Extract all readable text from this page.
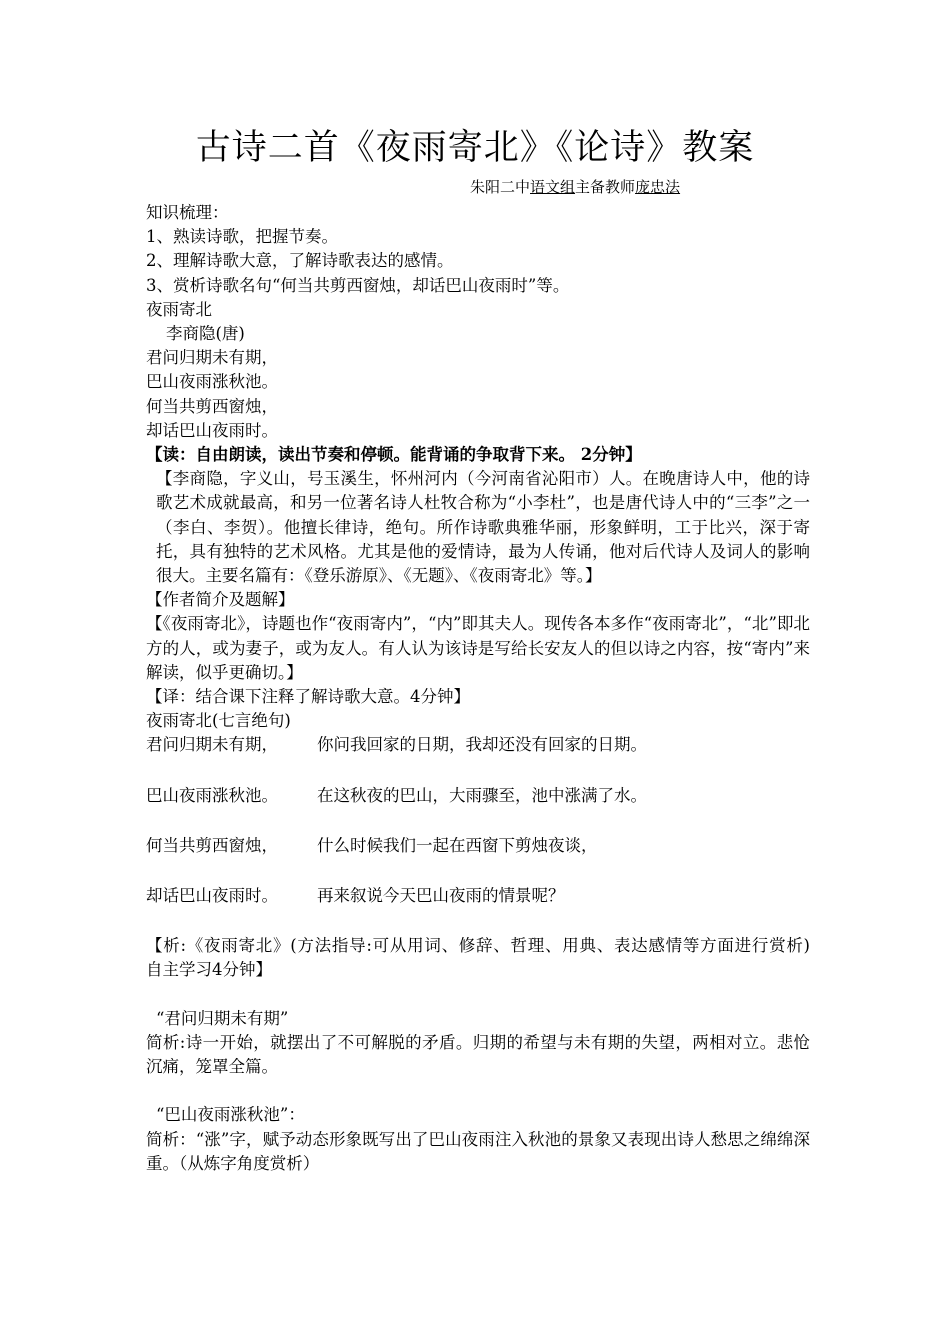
古诗二首《夜雨寄北》《论诗》教案
朱阳二中语文组主备教师庞忠法
知识梳理：
1、熟读诗歌，把握节奏。
2、理解诗歌大意，了解诗歌表达的感情。
3、赏析诗歌名句“何当共剪西窗烛，却话巴山夜雨时”等。
夜雨寄北
李商隐(唐)
君问归期未有期，
巴山夜雨涨秋池。
何当共剪西窗烛，
却话巴山夜雨时。
【读：自由朗读，读出节奏和停顿。能背诵的争取背下来。 2分钟】
【李商隐，字义山，号玉溪生，怀州河内（今河南省沁阳市）人。在晚唐诗人中，他的诗歌艺术成就最高，和另一位著名诗人杜牧合称为“小李杜”，也是唐代诗人中的“三李”之一（李白、李贺）。他擅长律诗，绝句。所作诗歌典雅华丽，形象鲜明，工于比兴，深于寄托，具有独特的艺术风格。尤其是他的爱情诗，最为人传诵，他对后代诗人及词人的影响很大。主要名篇有：《登乐游原》、《无题》、《夜雨寄北》等。】
【作者简介及题解】
【《夜雨寄北》，诗题也作“夜雨寄内”，“内”即其夫人。现传各本多作“夜雨寄北”，“北”即北方的人，或为妻子，或为友人。有人认为该诗是写给长安友人的但以诗之内容，按“寄内”来解读，似乎更确切。】
【译：结合课下注释了解诗歌大意。4分钟】
夜雨寄北(七言绝句)
君问归期未有期，	你问我回家的日期，我却还没有回家的日期。
巴山夜雨涨秋池。	在这秋夜的巴山，大雨骤至，池中涨满了水。
何当共剪西窗烛，	什么时候我们一起在西窗下剪烛夜谈，
却话巴山夜雨时。	再来叙说今天巴山夜雨的情景呢？
【析:《夜雨寄北》(方法指导:可从用词、修辞、哲理、用典、表达感情等方面进行赏析)　　自主学习4分钟】
“君问归期未有期”
简析:诗一开始，就摆出了不可解脱的矛盾。归期的希望与未有期的失望，两相对立。悲怆沉痛，笼罩全篇。
“巴山夜雨涨秋池”：
简析：“涨”字，赋予动态形象既写出了巴山夜雨注入秋池的景象又表现出诗人愁思之绵绵深重。（从炼字角度赏析）
